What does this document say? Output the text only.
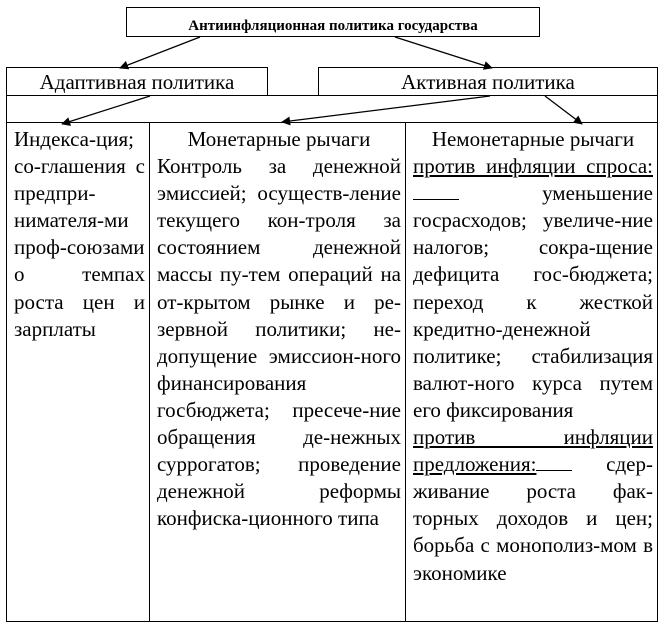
Антиинфляционная политика государства
Адаптивная политика	Активная политика
Индекса-ция; со-глашения с предпри-нимателя-ми проф-союзами о темпах роста цен и зарплаты
Монетарные рычаги
Контроль за денежной эмиссией; осуществ-ление текущего кон-троля за состоянием денежной массы пу-тем операций на от-крытом рынке и ре-зервной политики; не-допущение эмиссион-ного финансирования госбюджета; пресече-ние обращения де-нежных суррогатов; проведение денежной реформы конфиска-ционного типа
Немонетарные рычаги
против инфляции спроса: уменьшение госрасходов; увеличе-ние налогов; сокра-щение дефицита гос-бюджета; переход к жесткой кредитно-денежной политике; стабилизация валют-ного курса путем его фиксирования
против инфляции предложения:	сдер-живание роста фак-торных доходов и цен; борьба с монополиз-мом в экономике
